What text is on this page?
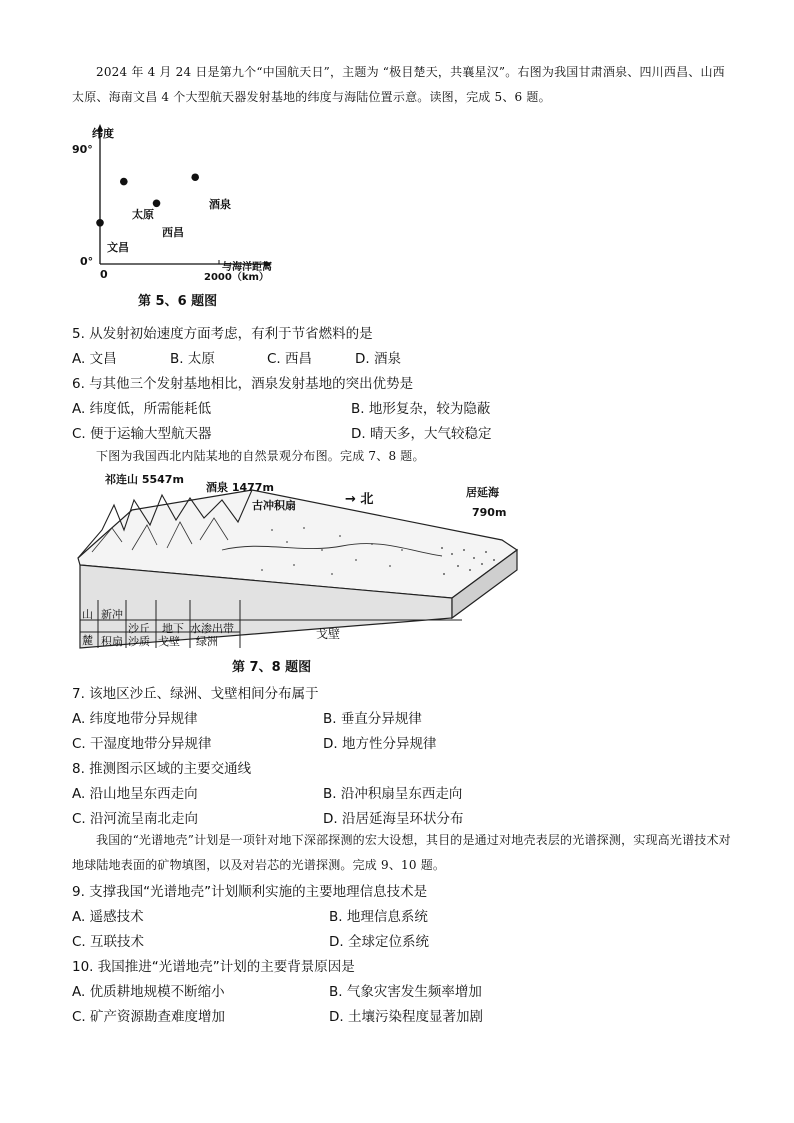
2024 年 4 月 24 日是第九个“中国航天日”，主题为 “极目楚天，共襄星汉”。右图为我国甘肃酒泉、四川西昌、山西太原、海南文昌 4 个大型航天器发射基地的纬度与海陆位置示意。读图，完成 5、6 题。

纬度
90°
0°
0	2000（km）
与海洋距离
酒泉
太原
西昌
文昌
第 5、6 题图

5. 从发射初始速度方面考虑，有利于节省燃料的是

A. 文昌	B. 太原	C. 西昌	D. 酒泉

6. 与其他三个发射基地相比，酒泉发射基地的突出优势是

A. 纬度低，所需能耗低	B. 地形复杂，较为隐蔽
C. 便于运输大型航天器	D. 晴天多，大气较稳定

下图为我国西北内陆某地的自然景观分布图。完成 7、8 题。

祁连山 5547m
酒泉 1477m
古冲积扇	→ 北	居延海
790m
山
麓
新冲
积扇
沙丘
沙质
地下
戈壁
水渗出带
绿洲
戈壁
第 7、8 题图

7. 该地区沙丘、绿洲、戈壁相间分布属于

A. 纬度地带分异规律	B. 垂直分异规律
C. 干湿度地带分异规律	D. 地方性分异规律

8. 推测图示区域的主要交通线

A. 沿山地呈东西走向	B. 沿冲积扇呈东西走向
C. 沿河流呈南北走向	D. 沿居延海呈环状分布

我国的“光谱地壳”计划是一项针对地下深部探测的宏大设想，其目的是通过对地壳表层的光谱探测，实现高光谱技术对地球陆地表面的矿物填图，以及对岩芯的光谱探测。完成 9、10 题。

9. 支撑我国“光谱地壳”计划顺利实施的主要地理信息技术是

A. 遥感技术	B. 地理信息系统
C. 互联技术	D. 全球定位系统

10. 我国推进“光谱地壳”计划的主要背景原因是

A. 优质耕地规模不断缩小	B. 气象灾害发生频率增加
C. 矿产资源勘查难度增加	D. 土壤污染程度显著加剧
